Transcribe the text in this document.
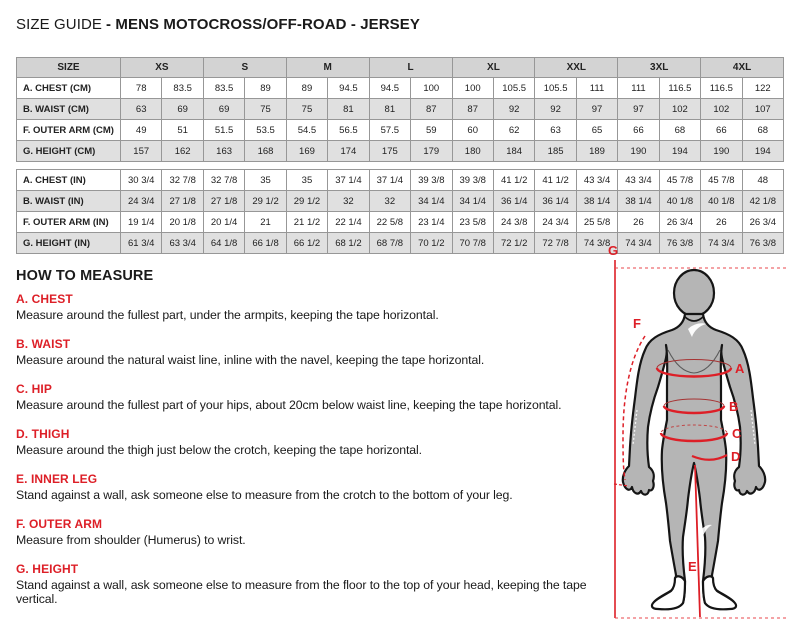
SIZE GUIDE - MENS MOTOCROSS/OFF-ROAD - JERSEY
SIZE	XS		S		M		L		XL		XXL		3XL		4XL	
A. CHEST (CM)	78	83.5	83.5	89	89	94.5	94.5	100	100	105.5	105.5	111	111	116.5	116.5	122
B. WAIST (CM)	63	69	69	75	75	81	81	87	87	92	92	97	97	102	102	107
F. OUTER ARM (CM)	49	51	51.5	53.5	54.5	56.5	57.5	59	60	62	63	65	66	68	66	68
G. HEIGHT (CM)	157	162	163	168	169	174	175	179	180	184	185	189	190	194	190	194

A. CHEST (IN)	30 3/4	32 7/8	32 7/8	35	35	37 1/4	37 1/4	39 3/8	39 3/8	41 1/2	41 1/2	43 3/4	43 3/4	45 7/8	45 7/8	48
B. WAIST (IN)	24 3/4	27 1/8	27 1/8	29 1/2	29 1/2	32	32	34 1/4	34 1/4	36 1/4	36 1/4	38 1/4	38 1/4	40 1/8	40 1/8	42 1/8
F. OUTER ARM (IN)	19 1/4	20 1/8	20 1/4	21	21 1/2	22 1/4	22 5/8	23 1/4	23 5/8	24 3/8	24 3/4	25 5/8	26	26 3/4	26	26 3/4
G. HEIGHT (IN)	61 3/4	63 3/4	64 1/8	66 1/8	66 1/2	68 1/2	68 7/8	70 1/2	70 7/8	72 1/2	72 7/8	74 3/8	74 3/4	76 3/8	74 3/4	76 3/8
HOW TO MEASURE
A. CHEST

Measure around the fullest part, under the armpits, keeping the tape horizontal.

B. WAIST

Measure around the natural waist line, inline with the navel, keeping the tape horizontal.

C. HIP

Measure around the fullest part of your hips, about 20cm below waist line, keeping the tape horizontal.

D. THIGH

Measure around the thigh just below the crotch, keeping the tape horizontal.

E. INNER LEG

Stand against a wall, ask someone else to measure from the crotch to the bottom of your leg.

F. OUTER ARM

Measure from shoulder (Humerus) to wrist.

G. HEIGHT

Stand against a wall, ask someone else to measure from the floor to the top of your head, keeping the tape vertical.

G
F
A
B
C
D
E
